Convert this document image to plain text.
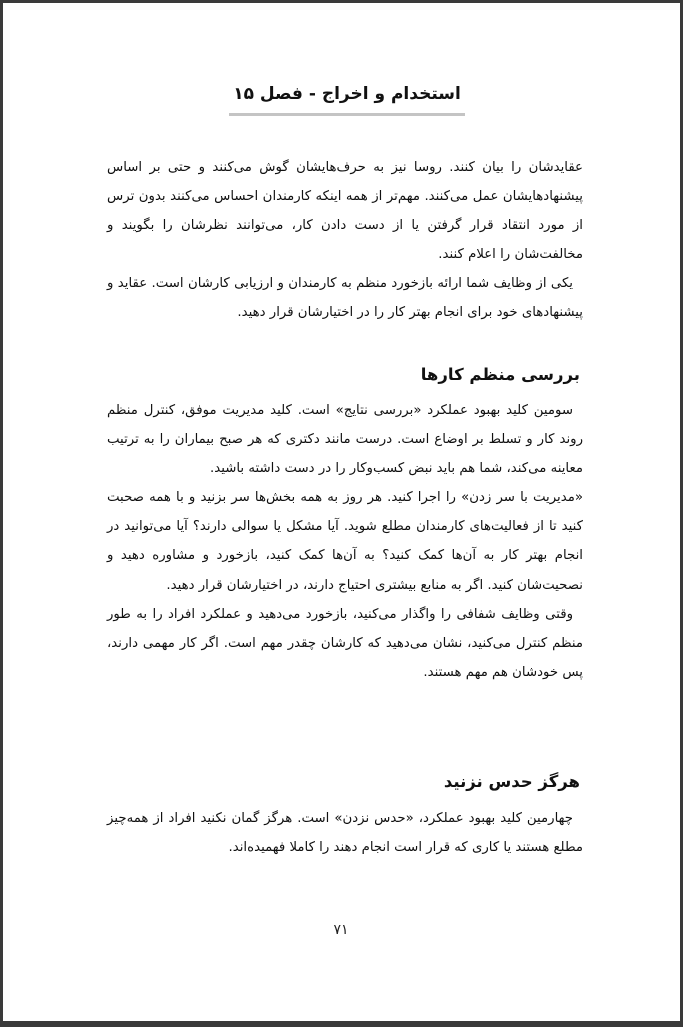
استخدام و اخراج - فصل ۱۵

عقایدشان را بیان کنند. روسا نیز به حرف‌هایشان گوش می‌کنند و حتی بر اساس پیشنهادهایشان عمل می‌کنند. مهم‌تر از همه اینکه کارمندان احساس می‌کنند بدون ترس از مورد انتقاد قرار گرفتن یا از دست دادن کار، می‌توانند نظرشان را بگویند و مخالفت‌شان را اعلام کنند.

یکی از وظایف شما ارائه بازخورد منظم به کارمندان و ارزیابی کارشان است. عقاید و پیشنهادهای خود برای انجام بهتر کار را در اختیارشان قرار دهید.

بررسی منظم کارها

سومین کلید بهبود عملکرد «بررسی نتایج» است. کلید مدیریت موفق، کنترل منظم روند کار و تسلط بر اوضاع است. درست مانند دکتری که هر صبح بیماران را به ترتیب معاینه می‌کند، شما هم باید نبض کسب‌وکار را در دست داشته باشید.

«مدیریت با سر زدن» را اجرا کنید. هر روز به همه بخش‌ها سر بزنید و با همه صحبت کنید تا از فعالیت‌های کارمندان مطلع شوید. آیا مشکل یا سوالی دارند؟ آیا می‌توانید در انجام بهتر کار به آن‌ها کمک کنید؟ به آن‌ها کمک کنید، بازخورد و مشاوره دهید و نصحیت‌شان کنید. اگر به منابع بیشتری احتیاج دارند، در اختیارشان قرار دهید.

وقتی وظایف شفافی را واگذار می‌کنید، بازخورد می‌دهید و عملکرد افراد را به طور منظم کنترل می‌کنید، نشان می‌دهید که کارشان چقدر مهم است. اگر کار مهمی دارند، پس خودشان هم مهم هستند.

هرگز حدس نزنید

چهارمین کلید بهبود عملکرد، «حدس نزدن» است. هرگز گمان نکنید افراد از همه‌چیز مطلع هستند یا کاری که قرار است انجام دهند را کاملا فهمیده‌اند.

۷۱
